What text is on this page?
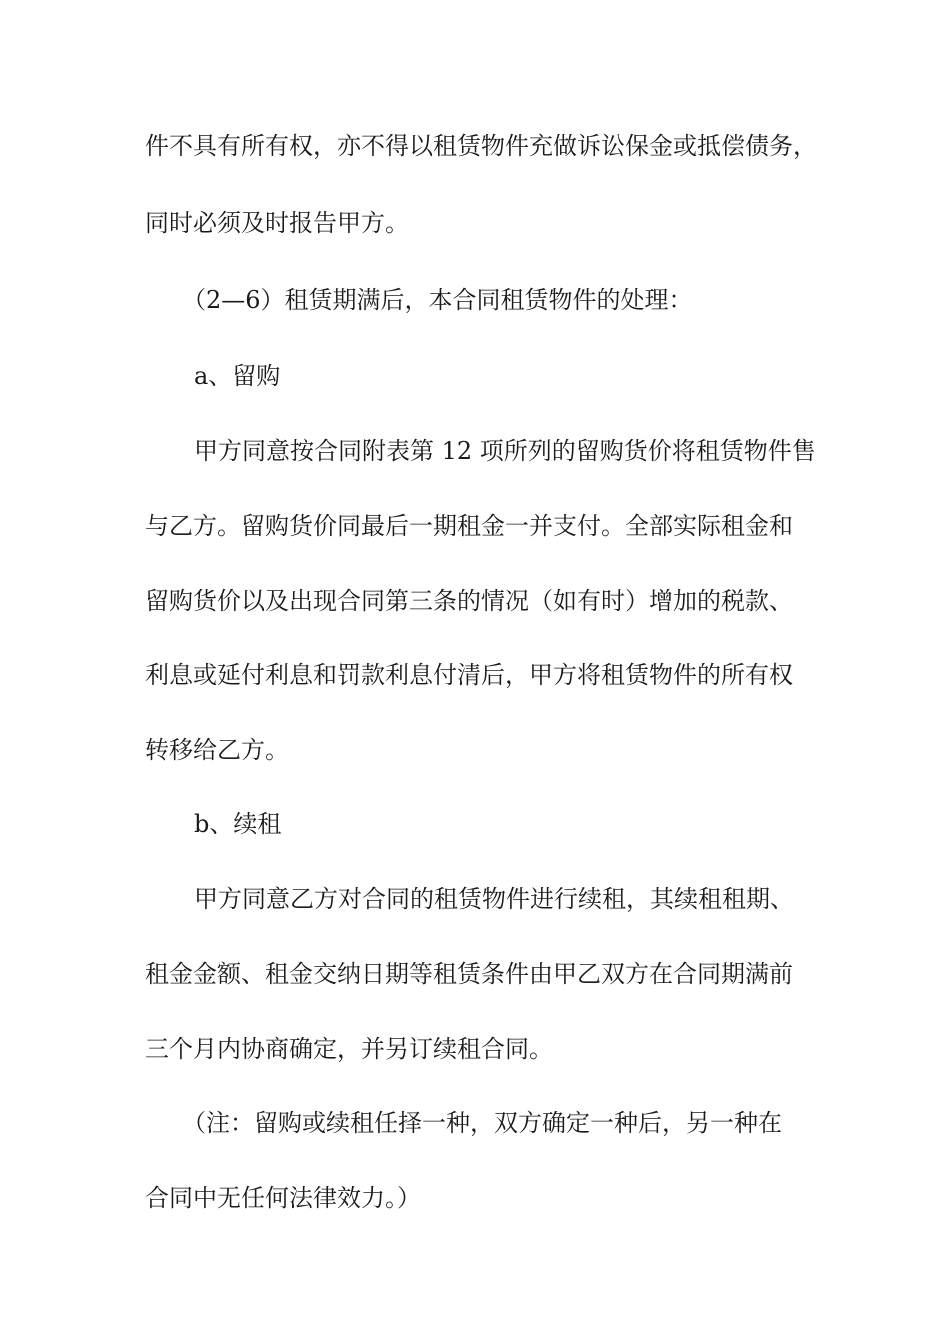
件不具有所有权，亦不得以租赁物件充做诉讼保金或抵偿债务，
同时必须及时报告甲方。
（2—6）租赁期满后，本合同租赁物件的处理：
a、留购
甲方同意按合同附表第 12 项所列的留购货价将租赁物件售
与乙方。留购货价同最后一期租金一并支付。全部实际租金和
留购货价以及出现合同第三条的情况（如有时）增加的税款、
利息或延付利息和罚款利息付清后，甲方将租赁物件的所有权
转移给乙方。
b、续租
甲方同意乙方对合同的租赁物件进行续租，其续租租期、
租金金额、租金交纳日期等租赁条件由甲乙双方在合同期满前
三个月内协商确定，并另订续租合同。
（注：留购或续租任择一种，双方确定一种后，另一种在
合同中无任何法律效力。）
